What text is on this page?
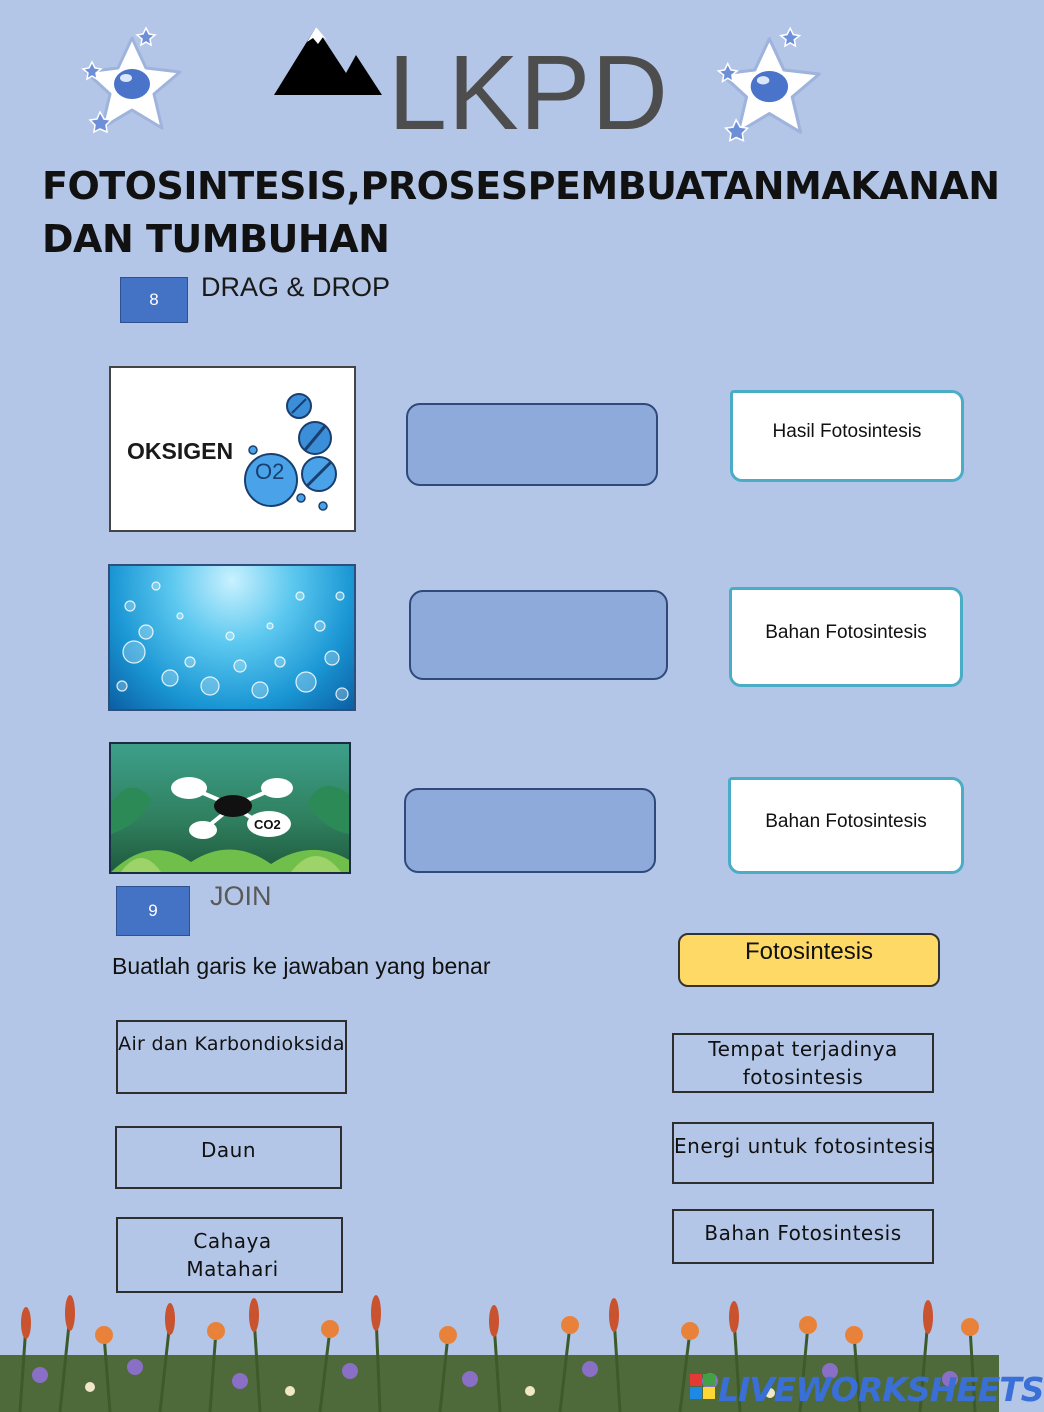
LKPD
FOTOSINTESIS,PROSESPEMBUATANMAKANAN DAN TUMBUHAN
8	DRAG & DROP
OKSIGEN
O2
CO2
Hasil Fotosintesis
Bahan Fotosintesis
Bahan Fotosintesis
9	JOIN
Buatlah garis ke jawaban yang benar
Fotosintesis
Air dan Karbondioksida
Daun
Cahaya Matahari
Tempat terjadinya fotosintesis
Energi untuk fotosintesis
Bahan Fotosintesis
LIVEWORKSHEETS
